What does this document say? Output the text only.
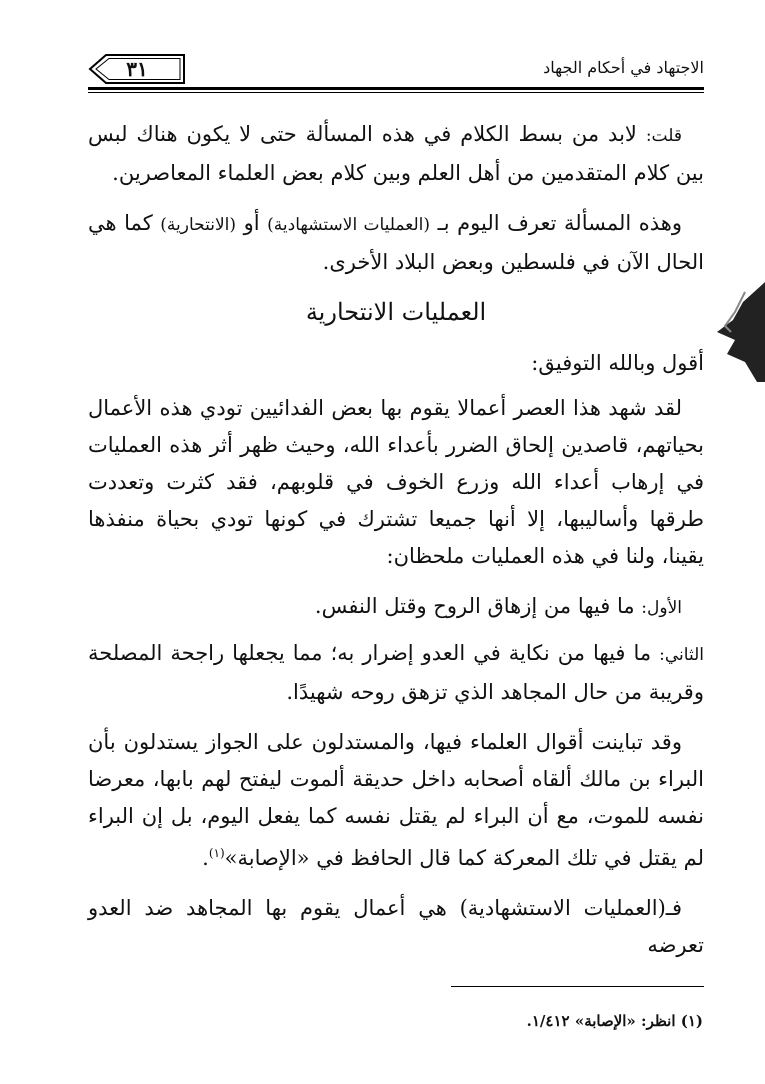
٣١	الاجتهاد في أحكام الجهاد

قلت: لابد من بسط الكلام في هذه المسألة حتى لا يكون هناك لبس بين كلام المتقدمين من أهل العلم وبين كلام بعض العلماء المعاصرين.

وهذه المسألة تعرف اليوم بـ (العمليات الاستشهادية) أو (الانتحارية) كما هي الحال الآن في فلسطين وبعض البلاد الأخرى.

العمليات الانتحارية

أقول وبالله التوفيق:

لقد شهد هذا العصر أعمالا يقوم بها بعض الفدائيين تودي هذه الأعمال بحياتهم، قاصدين إلحاق الضرر بأعداء الله، وحيث ظهر أثر هذه العمليات في إرهاب أعداء الله وزرع الخوف في قلوبهم، فقد كثرت وتعددت طرقها وأساليبها، إلا أنها جميعا تشترك في كونها تودي بحياة منفذها يقينا، ولنا في هذه العمليات ملحظان:

الأول: ما فيها من إزهاق الروح وقتل النفس.

الثاني: ما فيها من نكاية في العدو إضرار به؛ مما يجعلها راجحة المصلحة وقريبة من حال المجاهد الذي تزهق روحه شهيدًا.

وقد تباينت أقوال العلماء فيها، والمستدلون على الجواز يستدلون بأن البراء بن مالك ألقاه أصحابه داخل حديقة ألموت ليفتح لهم بابها، معرضا نفسه للموت، مع أن البراء لم يقتل نفسه كما يفعل اليوم، بل إن البراء لم يقتل في تلك المعركة كما قال الحافظ في «الإصابة»$^{(١)}$.

فـ(العمليات الاستشهادية) هي أعمال يقوم بها المجاهد ضد العدو تعرضه

(١) انظر: «الإصابة» ١/٤١٢.
